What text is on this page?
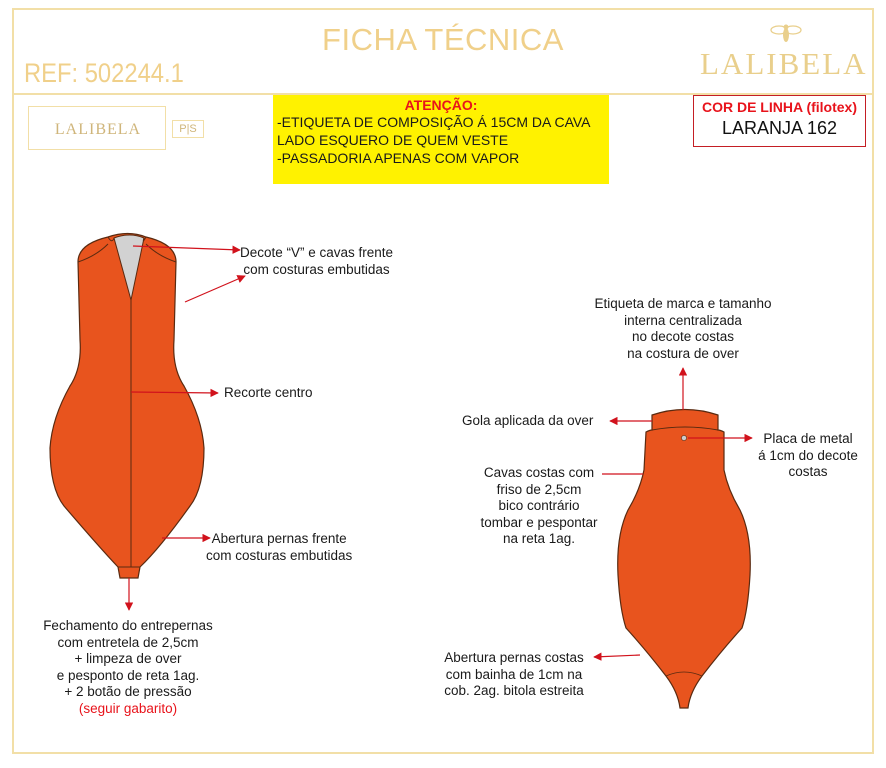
FICHA TÉCNICA
REF: 502244.1	LALIBELA
LALIBELA	P|S
ATENÇÃO:
-ETIQUETA DE COMPOSIÇÃO Á 15CM DA CAVA
LADO ESQUERO DE QUEM VESTE
-PASSADORIA APENAS COM VAPOR
COR DE LINHA (filotex)
LARANJA 162
Decote “V” e cavas frente
com costuras embutidas
Recorte centro
Abertura pernas frente
com costuras embutidas
Fechamento do entrepernas
com entretela de 2,5cm
+ limpeza de over
e pesponto de reta 1ag.
+ 2 botão de pressão
(seguir gabarito)
Etiqueta de marca e tamanho
interna centralizada
no decote costas
na costura de over
Gola aplicada da over
Placa de metal
á 1cm do decote
costas
Cavas costas com
friso de 2,5cm
bico contrário
tombar e pespontar
na reta 1ag.
Abertura pernas costas
com bainha de 1cm na
cob. 2ag. bitola estreita
